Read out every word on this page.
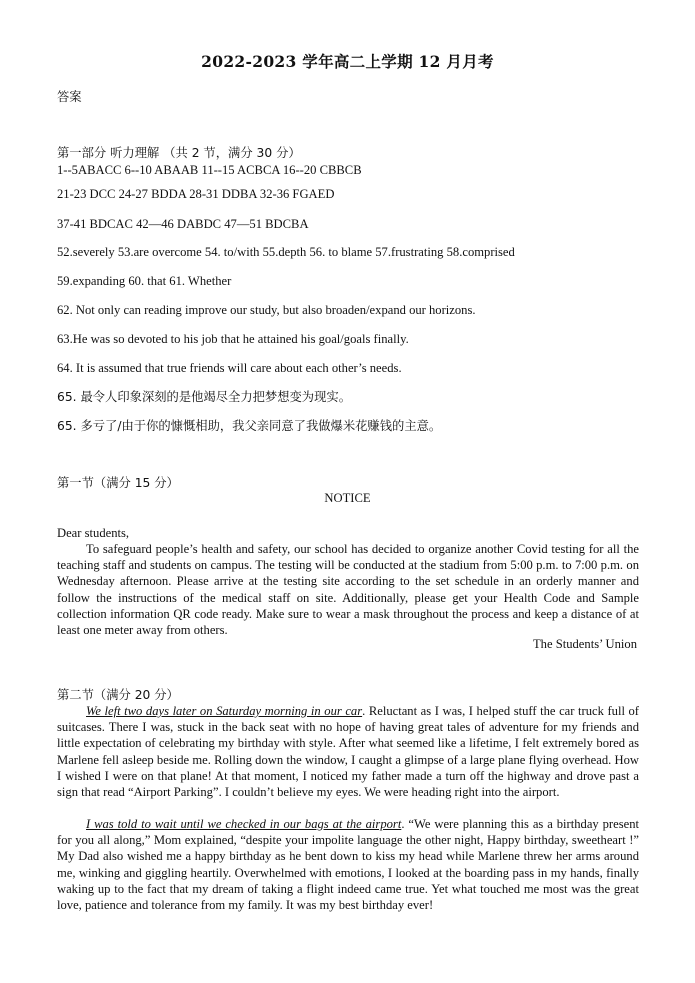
2022-2023 学年高二上学期 12 月月考
答案
第一部分 听力理解 （共 2 节，满分 30 分）
1--5ABACC 6--10 ABAAB 11--15 ACBCA 16--20 CBBCB
21-23 DCC 24-27 BDDA 28-31 DDBA 32-36 FGAED
37-41 BDCAC 42—46 DABDC 47—51 BDCBA
52.severely 53.are overcome 54. to/with 55.depth 56. to blame 57.frustrating 58.comprised
59.expanding 60. that 61. Whether
62. Not only can reading improve our study, but also broaden/expand our horizons.
63.He was so devoted to his job that he attained his goal/goals finally.
64. It is assumed that true friends will care about each other’s needs.
65. 最令人印象深刻的是他竭尽全力把梦想变为现实。
65. 多亏了/由于你的慷慨相助，我父亲同意了我做爆米花赚钱的主意。
第一节（满分 15 分）
NOTICE
Dear students,
To safeguard people’s health and safety, our school has decided to organize another Covid testing for all the teaching staff and students on campus. The testing will be conducted at the stadium from 5:00 p.m. to 7:00 p.m. on Wednesday afternoon. Please arrive at the testing site according to the set schedule in an orderly manner and follow the instructions of the medical staff on site. Additionally, please get your Health Code and Sample collection information QR code ready. Make sure to wear a mask throughout the process and keep a distance of at least one meter away from others.
The Students’ Union
第二节（满分 20 分）
We left two days later on Saturday morning in our car. Reluctant as I was, I helped stuff the car truck full of suitcases. There I was, stuck in the back seat with no hope of having great tales of adventure for my friends and little expectation of celebrating my birthday with style. After what seemed like a lifetime, I felt extremely bored as Marlene fell asleep beside me. Rolling down the window, I caught a glimpse of a large plane flying overhead. How I wished I were on that plane! At that moment, I noticed my father made a turn off the highway and drove past a sign that read “Airport Parking”. I couldn’t believe my eyes. We were heading right into the airport.
I was told to wait until we checked in our bags at the airport. “We were planning this as a birthday present for you all along,” Mom explained, “despite your impolite language the other night, Happy birthday, sweetheart !” My Dad also wished me a happy birthday as he bent down to kiss my head while Marlene threw her arms around me, winking and giggling heartily. Overwhelmed with emotions, I looked at the boarding pass in my hands, finally waking up to the fact that my dream of taking a flight indeed came true. Yet what touched me most was the great love, patience and tolerance from my family. It was my best birthday ever!
